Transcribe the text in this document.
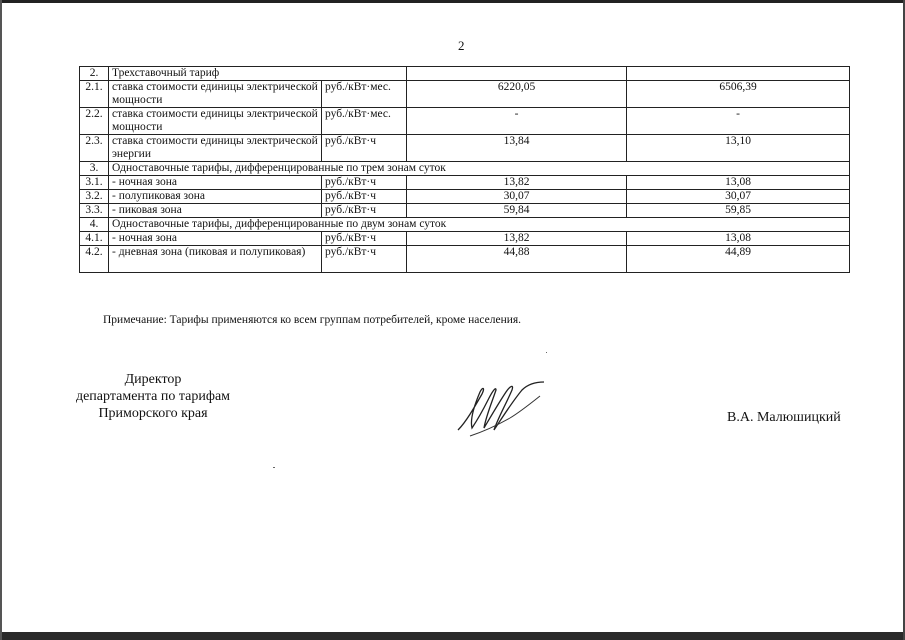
2
2.	Трехставочный тариф			
2.1.	ставка стоимости единицы электрической мощности	руб./кВт·мес.	6220,05	6506,39
2.2.	ставка стоимости единицы электрической мощности	руб./кВт·мес.	-	-
2.3.	ставка стоимости единицы электрической энергии	руб./кВт·ч	13,84	13,10
3.	Одноставочные тарифы, дифференцированные по трем зонам суток			
3.1.	- ночная зона	руб./кВт·ч	13,82	13,08
3.2.	- полупиковая зона	руб./кВт·ч	30,07	30,07
3.3.	- пиковая зона	руб./кВт·ч	59,84	59,85
4.	Одноставочные тарифы, дифференцированные по двум зонам суток			
4.1.	- ночная зона	руб./кВт·ч	13,82	13,08
4.2.	- дневная зона (пиковая и полупиковая)	руб./кВт·ч	44,88	44,89
Примечание: Тарифы применяются ко всем группам потребителей, кроме населения.
Директор
департамента по тарифам
Приморского края	В.А. Малюшицкий
